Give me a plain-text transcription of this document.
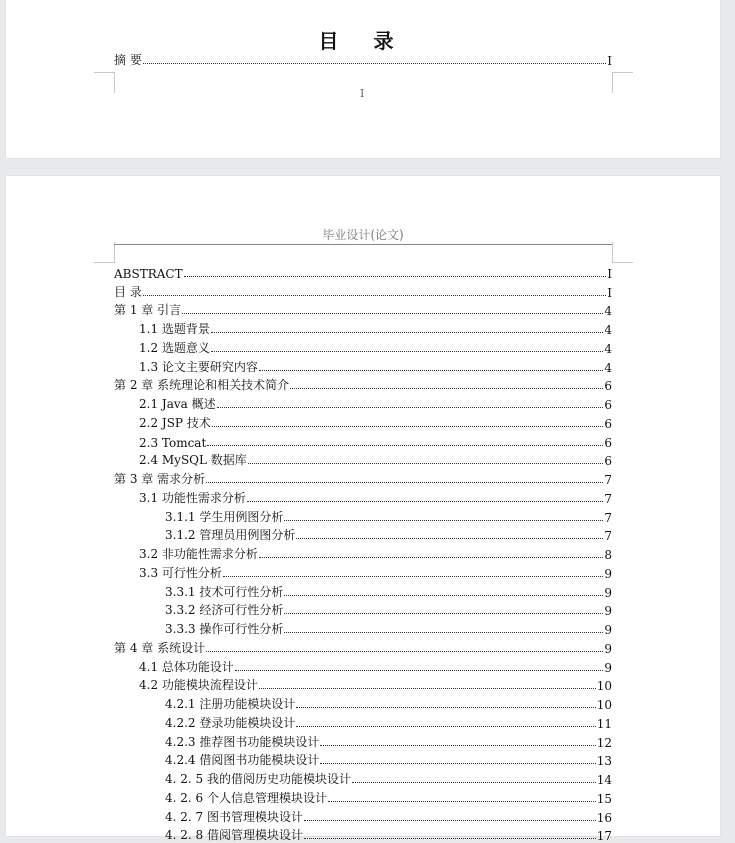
目 录
摘 要	I
I
毕业设计(论文)
ABSTRACT	I
目 录	I
第 1 章 引言	4
1.1 选题背景	4
1.2 选题意义	4
1.3 论文主要研究内容	4
第 2 章 系统理论和相关技术简介	6
2.1 Java 概述	6
2.2 JSP 技术	6
2.3 Tomcat	6
2.4 MySQL 数据库	6
第 3 章 需求分析	7
3.1 功能性需求分析	7
3.1.1 学生用例图分析	7
3.1.2 管理员用例图分析	7
3.2 非功能性需求分析	8
3.3 可行性分析	9
3.3.1 技术可行性分析	9
3.3.2 经济可行性分析	9
3.3.3 操作可行性分析	9
第 4 章 系统设计	9
4.1 总体功能设计	9
4.2 功能模块流程设计	10
4.2.1 注册功能模块设计	10
4.2.2 登录功能模块设计	11
4.2.3 推荐图书功能模块设计	12
4.2.4 借阅图书功能模块设计	13
4. 2. 5 我的借阅历史功能模块设计	14
4. 2. 6 个人信息管理模块设计	15
4. 2. 7 图书管理模块设计	16
4. 2. 8 借阅管理模块设计	17
